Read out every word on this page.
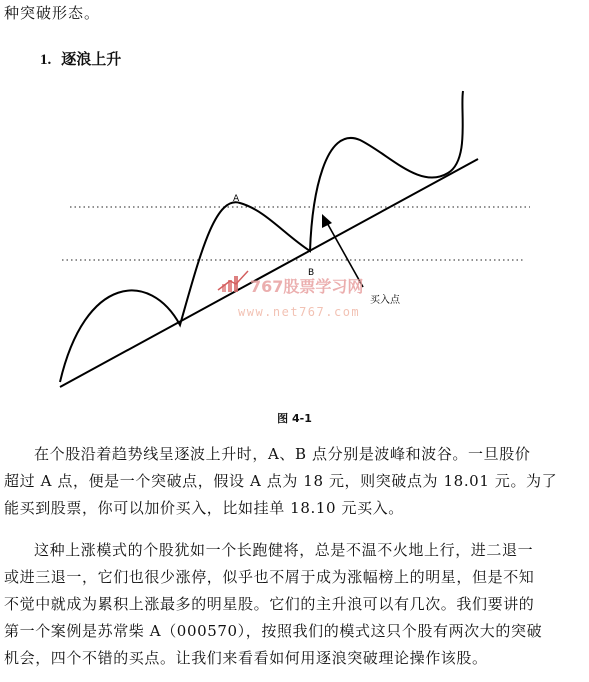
种突破形态。
1. 逐浪上升
A
B
买入点
767股票学习网
www.net767.com
图 4-1

在个股沿着趋势线呈逐波上升时，A、B 点分别是波峰和波谷。一旦股价

超过 A 点，便是一个突破点，假设 A 点为 18 元，则突破点为 18.01 元。为了

能买到股票，你可以加价买入，比如挂单 18.10 元买入。

这种上涨模式的个股犹如一个长跑健将，总是不温不火地上行，进二退一

或进三退一，它们也很少涨停，似乎也不屑于成为涨幅榜上的明星，但是不知

不觉中就成为累积上涨最多的明星股。它们的主升浪可以有几次。我们要讲的

第一个案例是苏常柴 A（000570），按照我们的模式这只个股有两次大的突破

机会，四个不错的买点。让我们来看看如何用逐浪突破理论操作该股。
